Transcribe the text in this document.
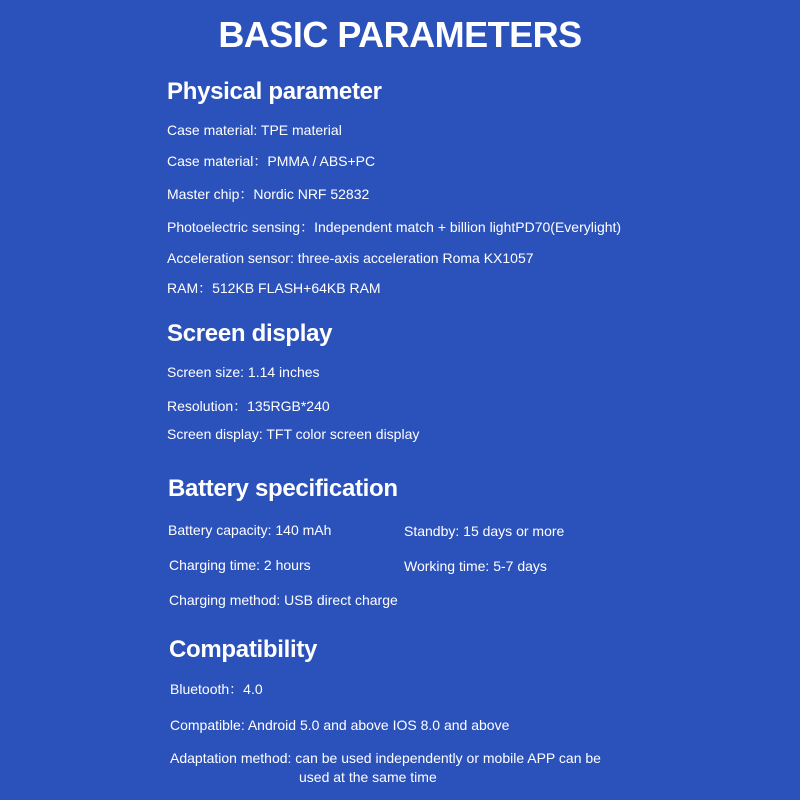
BASIC PARAMETERS
Physical parameter
Case material: TPE material
Case material：PMMA / ABS+PC
Master chip：Nordic NRF 52832
Photoelectric sensing：Independent match + billion lightPD70(Everylight)
Acceleration sensor: three-axis acceleration Roma KX1057
RAM：512KB FLASH+64KB RAM
Screen display
Screen size: 1.14 inches
Resolution：135RGB*240
Screen display: TFT color screen display
Battery specification
Battery capacity: 140 mAh	Standby: 15 days or more
Charging time: 2 hours	Working time: 5-7 days
Charging method: USB direct charge
Compatibility
Bluetooth：4.0
Compatible: Android 5.0 and above IOS 8.0 and above
Adaptation method: can be used independently or mobile APP can be
used at the same time
